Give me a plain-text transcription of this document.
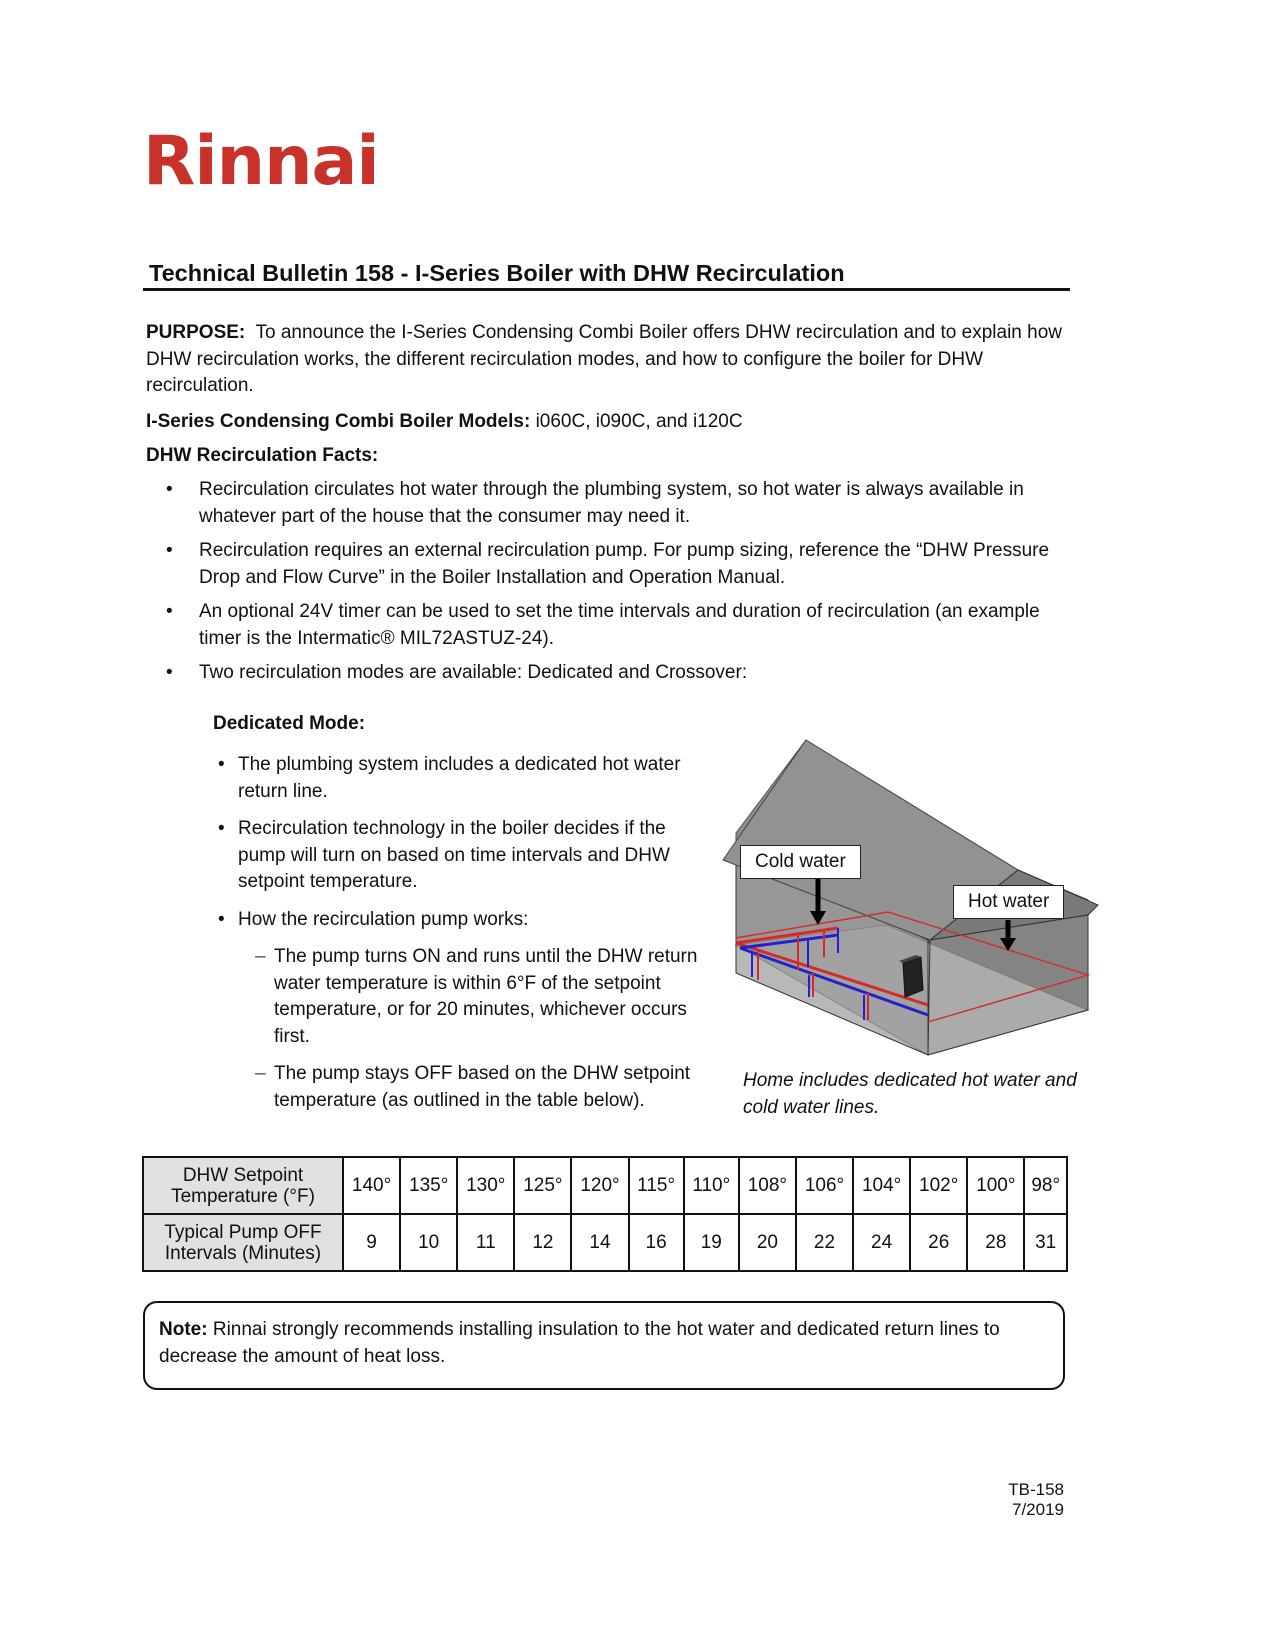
Rinnai
Technical Bulletin 158 - I-Series Boiler with DHW Recirculation
PURPOSE: To announce the I-Series Condensing Combi Boiler offers DHW recirculation and to explain how DHW recirculation works, the different recirculation modes, and how to configure the boiler for DHW recirculation.
I-Series Condensing Combi Boiler Models: i060C, i090C, and i120C
DHW Recirculation Facts:
• Recirculation circulates hot water through the plumbing system, so hot water is always available in whatever part of the house that the consumer may need it.
• Recirculation requires an external recirculation pump. For pump sizing, reference the “DHW Pressure Drop and Flow Curve” in the Boiler Installation and Operation Manual.
• An optional 24V timer can be used to set the time intervals and duration of recirculation (an example timer is the Intermatic® MIL72ASTUZ-24).
• Two recirculation modes are available: Dedicated and Crossover:
Dedicated Mode:
• The plumbing system includes a dedicated hot water return line.
• Recirculation technology in the boiler decides if the pump will turn on based on time intervals and DHW setpoint temperature.
• How the recirculation pump works:
– The pump turns ON and runs until the DHW return water temperature is within 6°F of the setpoint temperature, or for 20 minutes, whichever occurs first.
– The pump stays OFF based on the DHW setpoint temperature (as outlined in the table below).
Cold water
Hot water
Home includes dedicated hot water and cold water lines.
DHW Setpoint Temperature (°F)	140°	135°	130°	125°	120°	115°	110°	108°	106°	104°	102°	100°	98°
Typical Pump OFF Intervals (Minutes)	9	10	11	12	14	16	19	20	22	24	26	28	31
Note: Rinnai strongly recommends installing insulation to the hot water and dedicated return lines to decrease the amount of heat loss.
TB-158
7/2019
